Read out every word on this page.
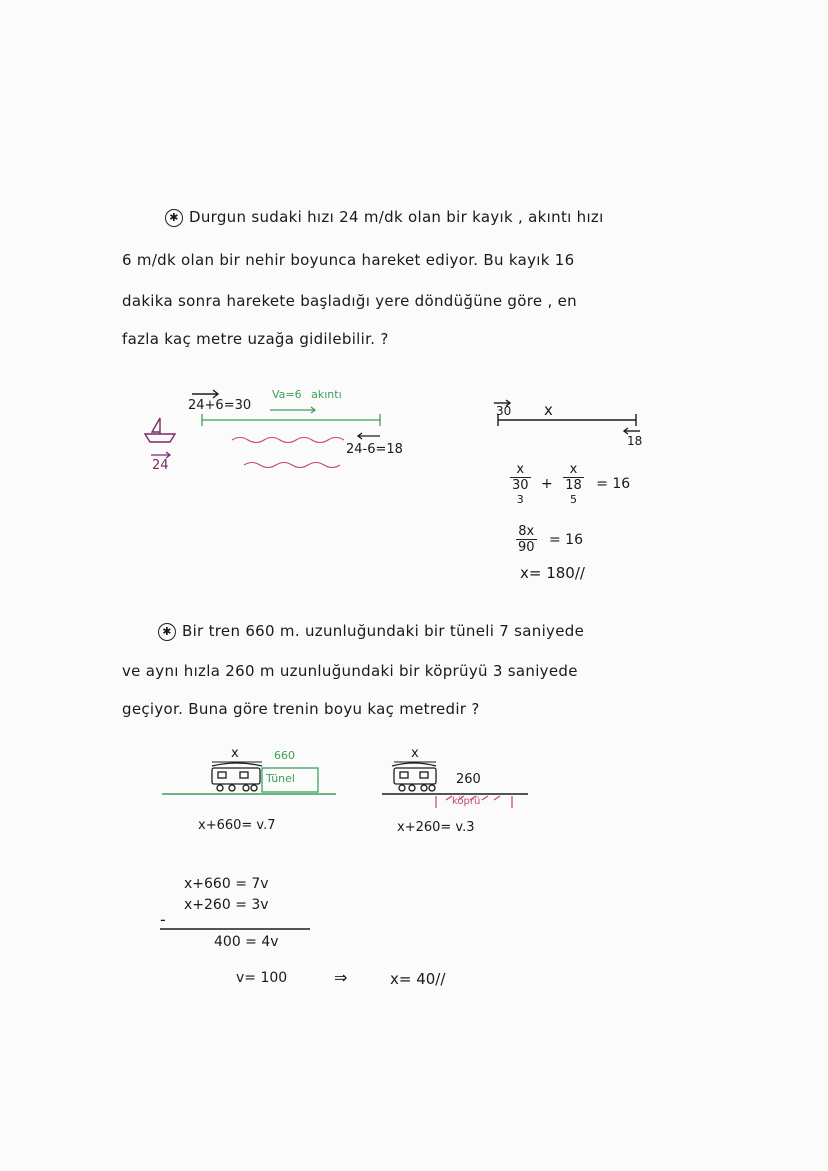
✱ Durgun sudaki hızı 24 m/dk olan bir kayık , akıntı hızı
6 m/dk olan bir nehir boyunca hareket ediyor. Bu kayık 16
dakika sonra harekete başladığı yere döndüğüne göre , en
fazla kaç metre uzağa gidilebilir. ?
24+6=30
Va=6 akıntı
24-6=18
24
30 x
18
x
30
3
+
x
18
5
= 16
$\frac{8x}{90} = 16$
x= 180//
✱ Bir tren 660 m. uzunluğundaki bir tüneli 7 saniyede
ve aynı hızla 260 m uzunluğundaki bir köprüyü 3 saniyede
geçiyor. Buna göre trenin boyu kaç metredir ?
x	660
Tünel
x
260
köprü
x+660= v.7	x+260= v.3
x+660 = 7v
x+260 = 3v
-
400 = 4v
v= 100	⇒	x= 40//
